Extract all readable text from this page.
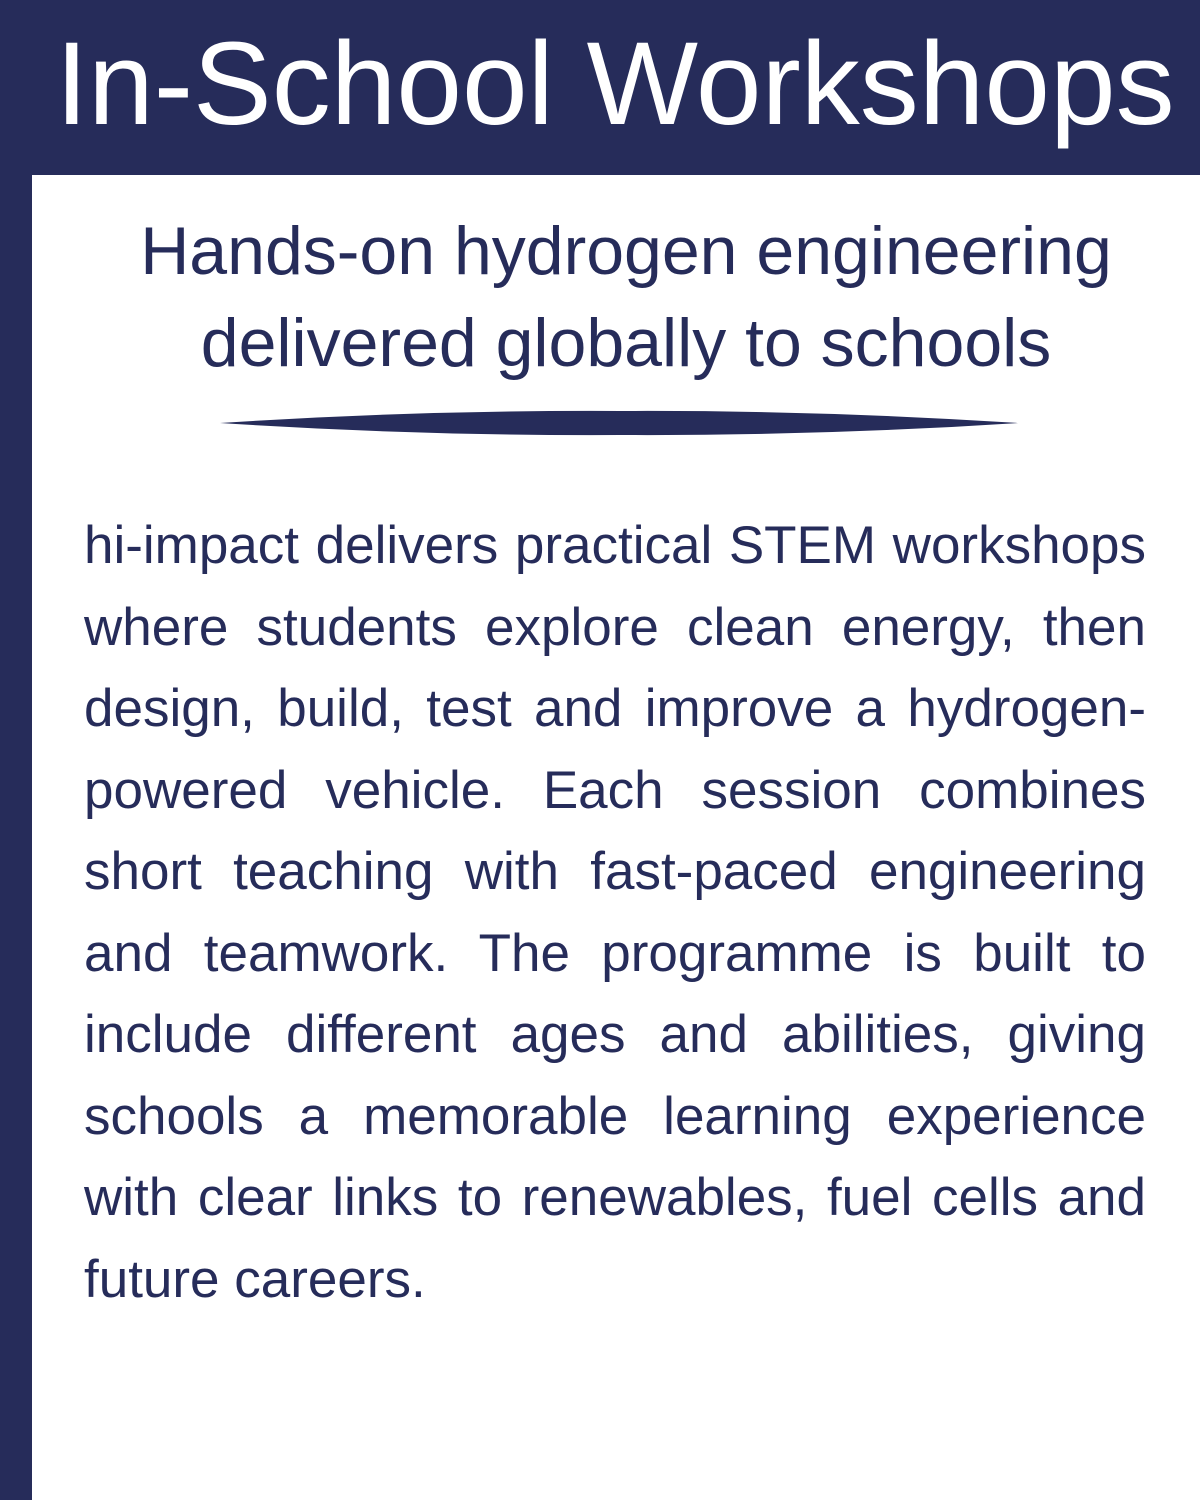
In-School Workshops
Hands-on hydrogen engineering delivered globally to schools

hi-impact delivers practical STEM workshops where students explore clean energy, then design, build, test and improve a hydrogen-powered vehicle. Each session combines short teaching with fast-paced engineering and teamwork. The programme is built to include different ages and abilities, giving schools a memorable learning experience with clear links to renewables, fuel cells and future careers.
